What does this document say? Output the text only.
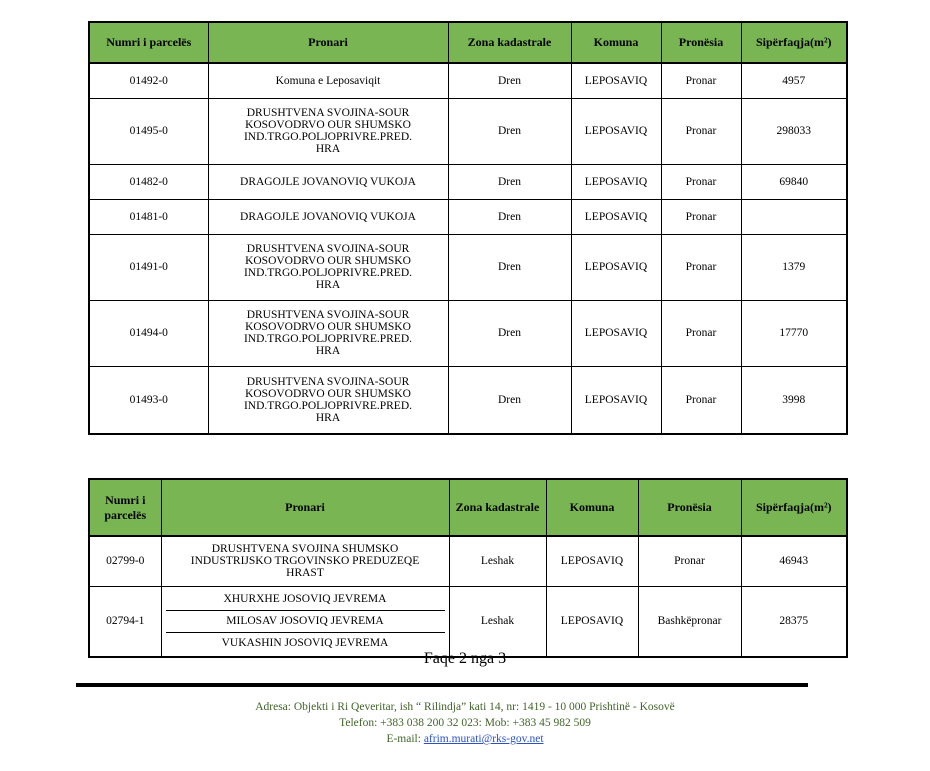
Numri i parcelës	Pronari	Zona kadastrale	Komuna	Pronësia	Sipërfaqja(m²)
01492-0	Komuna e Leposaviqit	Dren	LEPOSAVIQ	Pronar	4957
01495-0	DRUSHTVENA SVOJINA-SOUR
KOSOVODRVO OUR SHUMSKO
IND.TRGO.POLJOPRIVRE.PRED.
HRA	Dren	LEPOSAVIQ	Pronar	298033
01482-0	DRAGOJLE JOVANOVIQ VUKOJA	Dren	LEPOSAVIQ	Pronar	69840
01481-0	DRAGOJLE JOVANOVIQ VUKOJA	Dren	LEPOSAVIQ	Pronar	
01491-0	DRUSHTVENA SVOJINA-SOUR
KOSOVODRVO OUR SHUMSKO
IND.TRGO.POLJOPRIVRE.PRED.
HRA	Dren	LEPOSAVIQ	Pronar	1379
01494-0	DRUSHTVENA SVOJINA-SOUR
KOSOVODRVO OUR SHUMSKO
IND.TRGO.POLJOPRIVRE.PRED.
HRA	Dren	LEPOSAVIQ	Pronar	17770
01493-0	DRUSHTVENA SVOJINA-SOUR
KOSOVODRVO OUR SHUMSKO
IND.TRGO.POLJOPRIVRE.PRED.
HRA	Dren	LEPOSAVIQ	Pronar	3998
Numri i parcelës	Pronari	Zona kadastrale	Komuna	Pronësia	Sipërfaqja(m²)
02799-0	DRUSHTVENA SVOJINA SHUMSKO
INDUSTRIJSKO TRGOVINSKO PREDUZEQE
HRAST	Leshak	LEPOSAVIQ	Pronar	46943
02794-1	XHURXHE JOSOVIQ JEVREMA
MILOSAV JOSOVIQ JEVREMA
VUKASHIN JOSOVIQ JEVREMA	Leshak	LEPOSAVIQ	Bashkëpronar	28375
Faqe 2 nga 3
Adresa: Objekti i Ri Qeveritar, ish “ Rilindja” kati 14, nr: 1419 - 10 000 Prishtinë - Kosovë
Telefon: +383 038 200 32 023: Mob: +383 45 982 509
E-mail: afrim.murati@rks-gov.net
